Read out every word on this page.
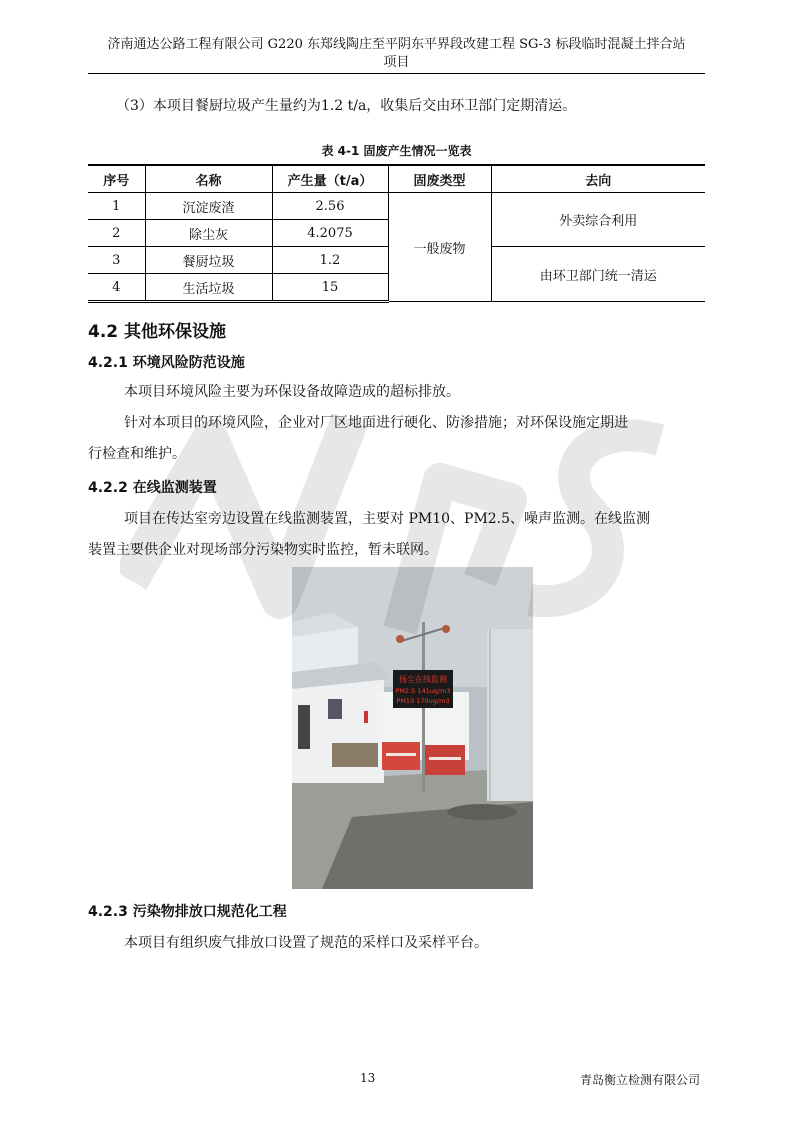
济南通达公路工程有限公司 G220 东郑线陶庄至平阴东平界段改建工程 SG-3 标段临时混凝土拌合站
项目
（3）本项目餐厨垃圾产生量约为1.2 t/a，收集后交由环卫部门定期清运。
表 4-1 固废产生情况一览表
序号	名称	产生量（t/a）	固废类型	去向
1	沉淀废渣	2.56	一般废物	外卖综合利用
2	除尘灰	4.2075		
3	餐厨垃圾	1.2		由环卫部门统一清运
4	生活垃圾	15		
4.2 其他环保设施
4.2.1 环境风险防范设施
本项目环境风险主要为环保设备故障造成的超标排放。
针对本项目的环境风险，企业对厂区地面进行硬化、防渗措施；对环保设施定期进
行检查和维护。
4.2.2 在线监测装置
项目在传达室旁边设置在线监测装置，主要对 PM10、PM2.5、噪声监测。在线监测
装置主要供企业对现场部分污染物实时监控，暂未联网。
扬尘在线监测
PM2.5 141ug/m3
PM10 170ug/m3
4.2.3 污染物排放口规范化工程
本项目有组织废气排放口设置了规范的采样口及采样平台。
13	青岛衡立检测有限公司
